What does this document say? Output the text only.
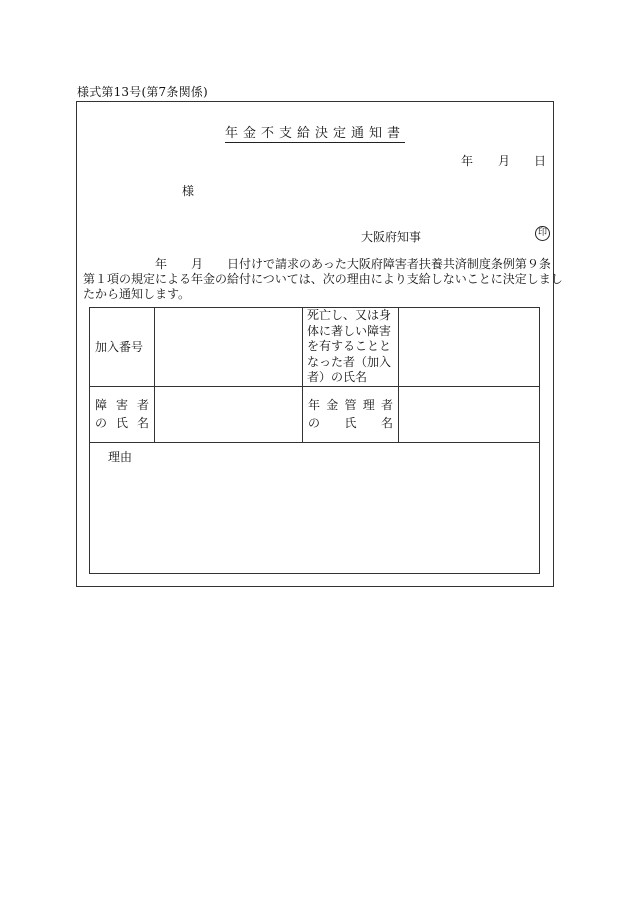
様式第13号(第7条関係)
年金不支給決定通知書
年 月 日
様
大阪府知事	印
　　　　　　年　　月　　日付けで請求のあった大阪府障害者扶養共済制度条例第９条
第１項の規定による年金の給付については、次の理由により支給しないことに決定しまし
たから通知します。
加入番号		死亡し、又は身
体に著しい障害
を有することと
なった者（加入
者）の氏名	

障害者
の氏名		年金管理者
の　氏　名	

理由			
